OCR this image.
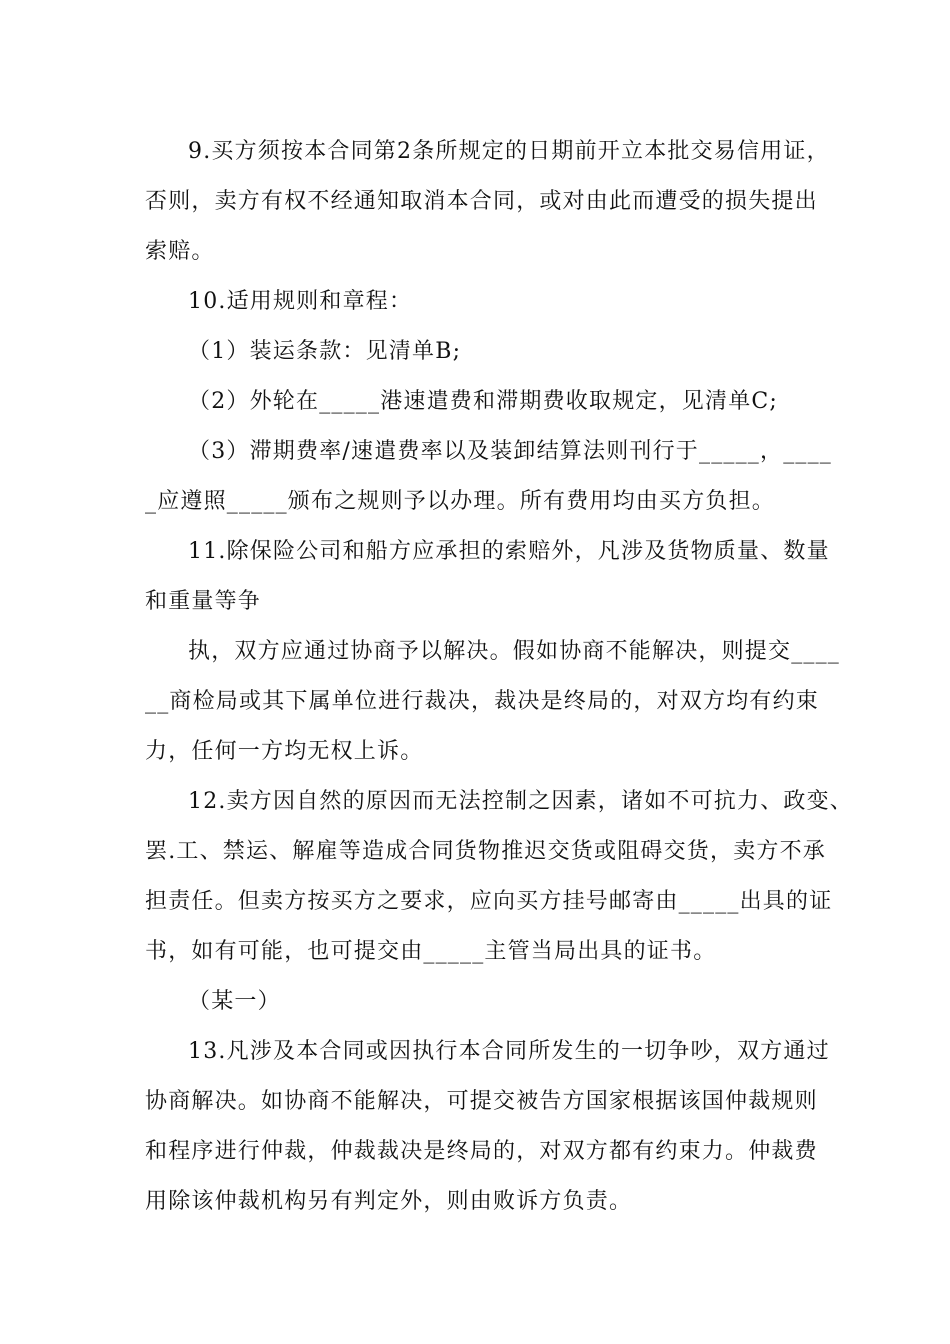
9.买方须按本合同第2条所规定的日期前开立本批交易信用证，
否则，卖方有权不经通知取消本合同，或对由此而遭受的损失提出
索赔。
10.适用规则和章程：
（1）装运条款：见清单B;
（2）外轮在_____港速遣费和滞期费收取规定，见清单C;
（3）滞期费率/速遣费率以及装卸结算法则刊行于_____，____
_应遵照_____颁布之规则予以办理。所有费用均由买方负担。
11.除保险公司和船方应承担的索赔外，凡涉及货物质量、数量
和重量等争
执，双方应通过协商予以解决。假如协商不能解决，则提交____
__商检局或其下属单位进行裁决，裁决是终局的，对双方均有约束
力，任何一方均无权上诉。
12.卖方因自然的原因而无法控制之因素，诸如不可抗力、政变、
罢.工、禁运、解雇等造成合同货物推迟交货或阻碍交货，卖方不承
担责任。但卖方按买方之要求，应向买方挂号邮寄由_____出具的证
书，如有可能，也可提交由_____主管当局出具的证书。
（某一）
13.凡涉及本合同或因执行本合同所发生的一切争吵，双方通过
协商解决。如协商不能解决，可提交被告方国家根据该国仲裁规则
和程序进行仲裁，仲裁裁决是终局的，对双方都有约束力。仲裁费
用除该仲裁机构另有判定外，则由败诉方负责。
